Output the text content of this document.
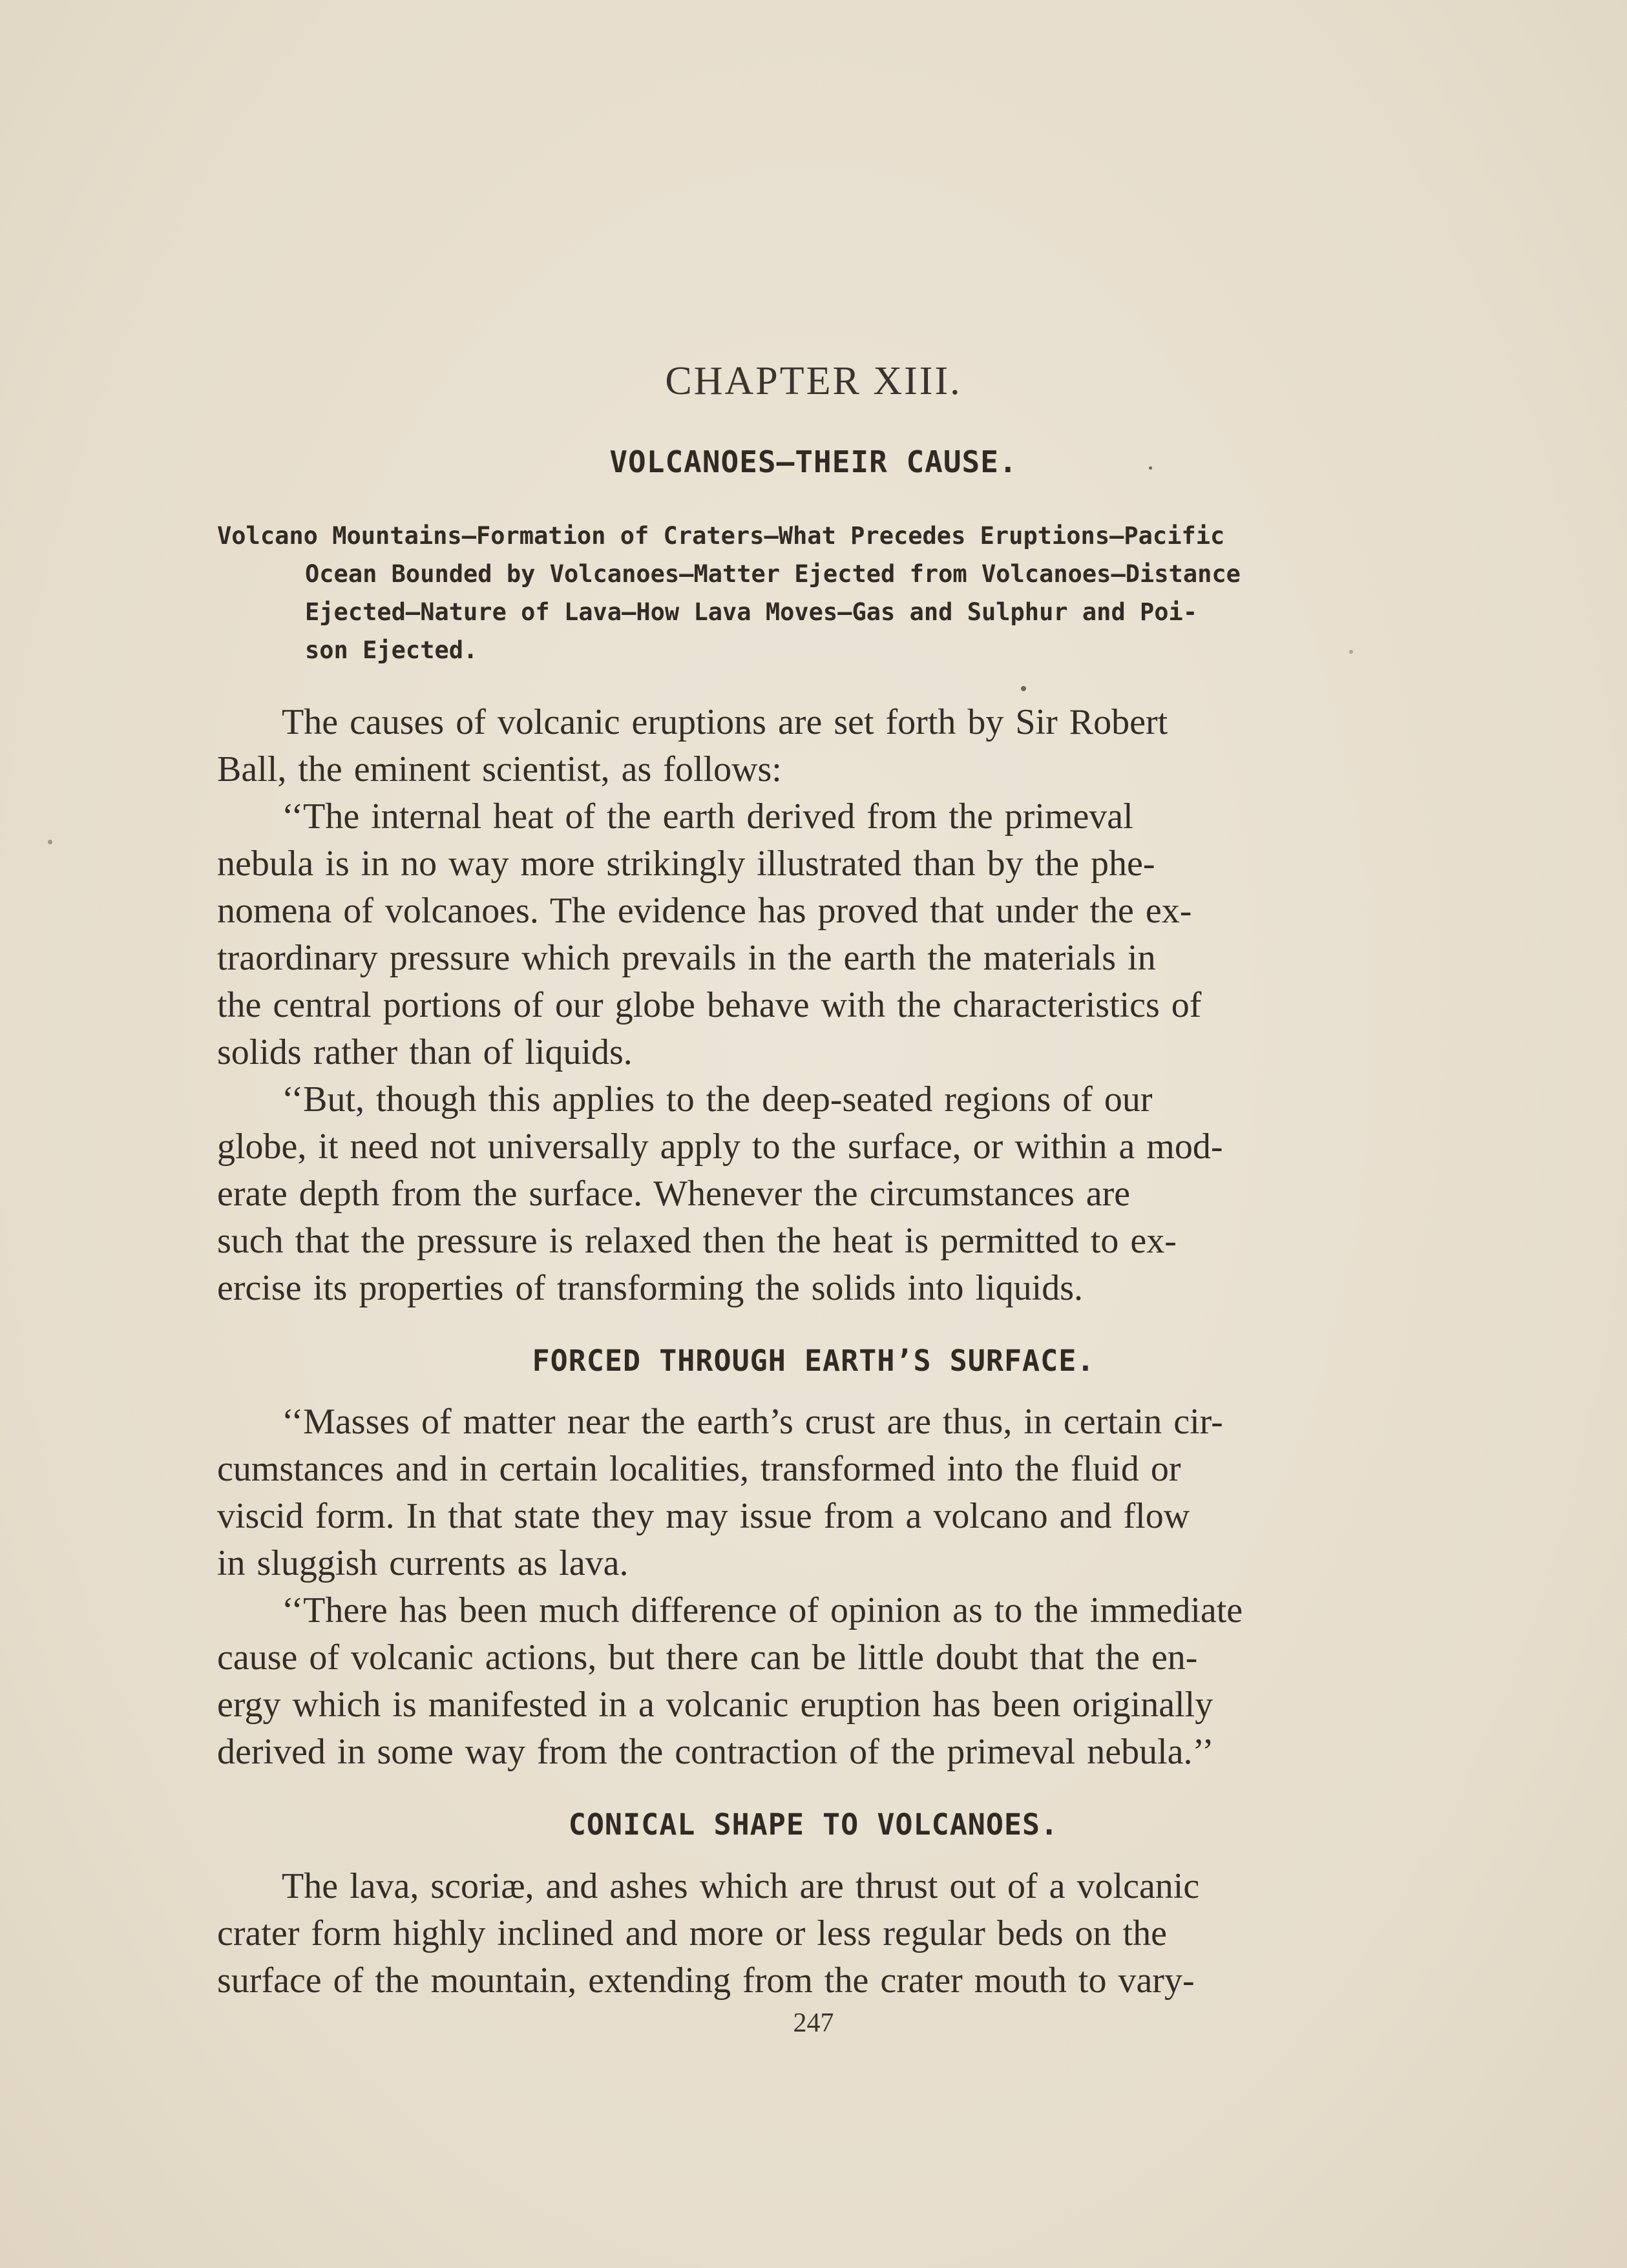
CHAPTER XIII.
VOLCANOES—THEIR CAUSE.
Volcano Mountains—Formation of Craters—What Precedes Eruptions—Pacific
Ocean Bounded by Volcanoes—Matter Ejected from Volcanoes—Distance
Ejected—Nature of Lava—How Lava Moves—Gas and Sulphur and Poi-
son Ejected.
The causes of volcanic eruptions are set forth by Sir Robert
Ball, the eminent scientist, as follows:
‘‘The internal heat of the earth derived from the primeval
nebula is in no way more strikingly illustrated than by the phe-
nomena of volcanoes. The evidence has proved that under the ex-
traordinary pressure which prevails in the earth the materials in
the central portions of our globe behave with the characteristics of
solids rather than of liquids.
‘‘But, though this applies to the deep-seated regions of our
globe, it need not universally apply to the surface, or within a mod-
erate depth from the surface. Whenever the circumstances are
such that the pressure is relaxed then the heat is permitted to ex-
ercise its properties of transforming the solids into liquids.
FORCED THROUGH EARTH’S SURFACE.
‘‘Masses of matter near the earth’s crust are thus, in certain cir-
cumstances and in certain localities, transformed into the fluid or
viscid form. In that state they may issue from a volcano and flow
in sluggish currents as lava.
‘‘There has been much difference of opinion as to the immediate
cause of volcanic actions, but there can be little doubt that the en-
ergy which is manifested in a volcanic eruption has been originally
derived in some way from the contraction of the primeval nebula.’’
CONICAL SHAPE TO VOLCANOES.
The lava, scoriæ, and ashes which are thrust out of a volcanic
crater form highly inclined and more or less regular beds on the
surface of the mountain, extending from the crater mouth to vary-
247
